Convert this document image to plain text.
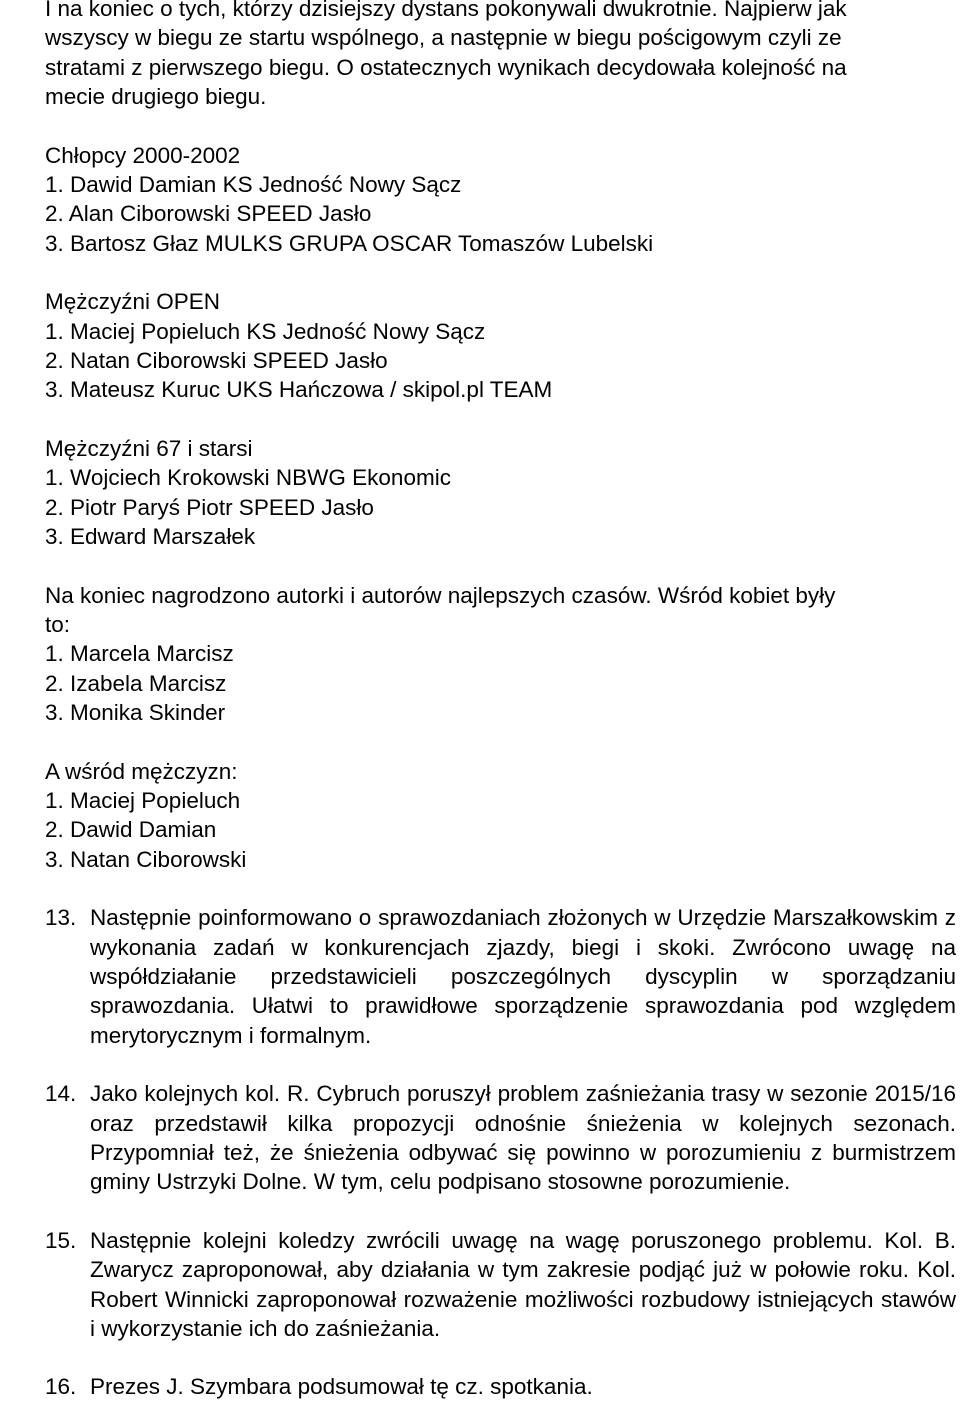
I na koniec o tych, którzy dzisiejszy dystans pokonywali dwukrotnie. Najpierw jak
wszyscy w biegu ze startu wspólnego, a następnie w biegu pościgowym czyli ze
stratami z pierwszego biegu. O ostatecznych wynikach decydowała kolejność na
mecie drugiego biegu.
Chłopcy 2000-2002
1. Dawid Damian KS Jedność Nowy Sącz
2. Alan Ciborowski SPEED Jasło
3. Bartosz Głaz MULKS GRUPA OSCAR Tomaszów Lubelski
Mężczyźni OPEN
1. Maciej Popieluch KS Jedność Nowy Sącz
2. Natan Ciborowski SPEED Jasło
3. Mateusz Kuruc UKS Hańczowa / skipol.pl TEAM
Mężczyźni 67 i starsi
1. Wojciech Krokowski NBWG Ekonomic
2. Piotr Paryś Piotr SPEED Jasło
3. Edward Marszałek
Na koniec nagrodzono autorki i autorów najlepszych czasów. Wśród kobiet były
to:
1. Marcela Marcisz
2. Izabela Marcisz
3. Monika Skinder
A wśród mężczyzn:
1. Maciej Popieluch
2. Dawid Damian
3. Natan Ciborowski
13. Następnie poinformowano o sprawozdaniach złożonych w Urzędzie Marszałkowskim z wykonania zadań w konkurencjach zjazdy, biegi i skoki. Zwrócono uwagę na współdziałanie przedstawicieli poszczególnych dyscyplin w sporządzaniu sprawozdania. Ułatwi to prawidłowe sporządzenie sprawozdania pod względem merytorycznym i formalnym.
14. Jako kolejnych kol. R. Cybruch poruszył problem zaśnieżania trasy w sezonie 2015/16 oraz przedstawił kilka propozycji odnośnie śnieżenia w kolejnych sezonach. Przypomniał też, że śnieżenia odbywać się powinno w porozumieniu z burmistrzem gminy Ustrzyki Dolne. W tym, celu podpisano stosowne porozumienie.
15. Następnie kolejni koledzy zwrócili uwagę na wagę poruszonego problemu. Kol. B. Zwarycz zaproponował, aby działania w tym zakresie podjąć już w połowie roku. Kol. Robert Winnicki zaproponował rozważenie możliwości rozbudowy istniejących stawów i wykorzystanie ich do zaśnieżania.
16. Prezes J. Szymbara podsumował tę cz. spotkania.
